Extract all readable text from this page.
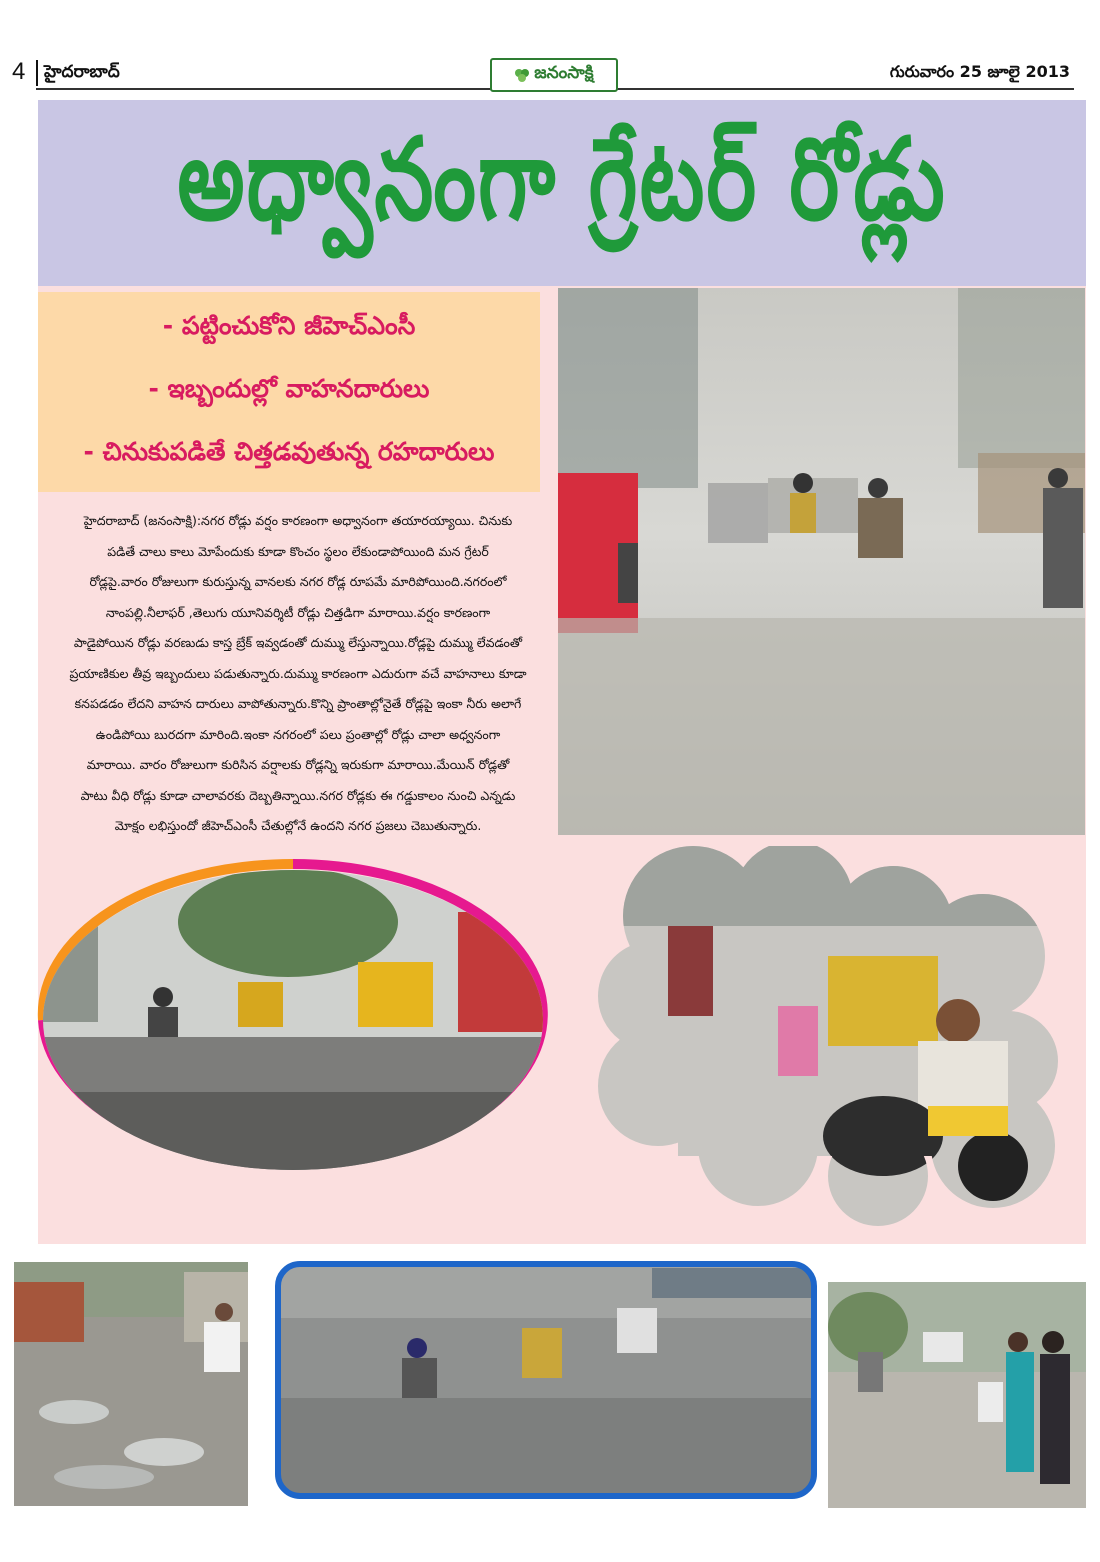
4 హైదరాబాద్	జనంసాక్షి	గురువారం 25 జూలై 2013
అధ్వానంగా గ్రేటర్ రోడ్లు
- పట్టించుకోని జీహెచ్ఎంసీ
- ఇబ్బందుల్లో వాహనదారులు
- చినుకుపడితే చిత్తడవుతున్న రహదారులు
హైదరాబాద్ (జనంసాక్షి):నగర రోడ్లు వర్షం కారణంగా అధ్వానంగా తయారయ్యాయి. చినుకు
పడితే చాలు కాలు మోపేందుకు కూడా కొంచం స్థలం లేకుండాపోయింది మన గ్రేటర్
రోడ్లపై.వారం రోజులుగా కురుస్తున్న వానలకు నగర రోడ్ల రూపమే మారిపోయింది.నగరంలో
నాంపల్లి.నీలాఫర్ ,తెలుగు యూనివర్శిటీ రోడ్లు చిత్తడిగా మారాయి.వర్షం కారణంగా
పాడైపోయిన రోడ్లు వరణుడు కాస్త బ్రేక్ ఇవ్వడంతో దుమ్ము లేస్తున్నాయి.రోడ్లపై దుమ్ము లేవడంతో
ప్రయాణికుల తీవ్ర ఇబ్బందులు పడుతున్నారు.దుమ్ము కారణంగా ఎదురుగా వచే వాహనాలు కూడా
కనపడడం లేదని వాహన దారులు వాపోతున్నారు.కొన్ని ప్రాంతాల్లోనైతే రోడ్లపై ఇంకా నీరు అలాగే
ఉండిపోయి బురదగా మారింది.ఇంకా నగరంలో పలు ప్రంతాల్లో రోడ్లు చాలా అధ్వనంగా
మారాయి. వారం రోజులుగా కురిసిన వర్షాలకు రోడ్లన్ని ఇరుకుగా మారాయి.మేయిన్ రోడ్లతో
పాటు వీధి రోడ్లు కూడా చాలావరకు దెబ్బతిన్నాయి.నగర రోడ్లకు ఈ గడ్డుకాలం నుంచి ఎన్నడు
మోక్షం లభిస్తుందో జీహెచ్ఎంసీ చేతుల్లోనే ఉందని నగర ప్రజలు చెబుతున్నారు.
